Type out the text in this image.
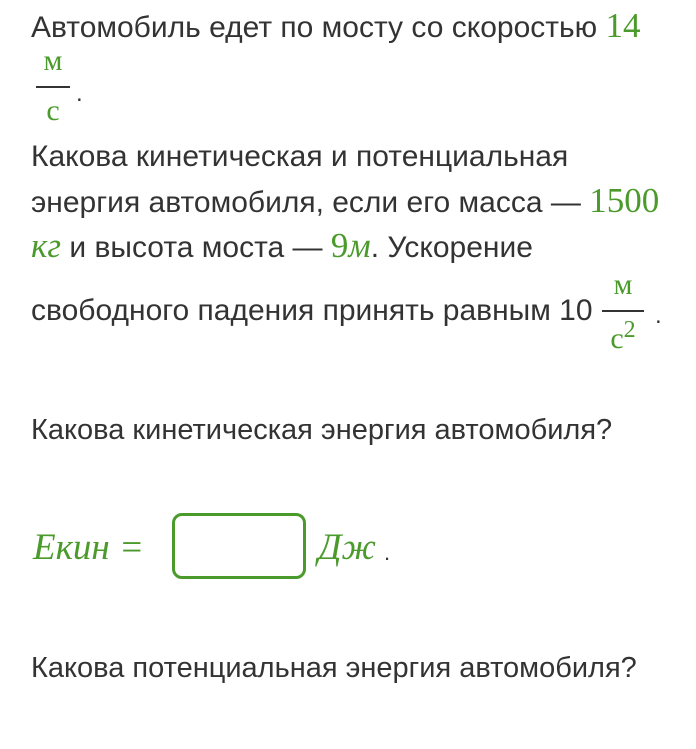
Автомобиль едет по мосту со скоростью 14
м
с
.
Какова кинетическая и потенциальная
энергия автомобиля, если его масса — 1500
кг и высота моста — 9м. Ускорение
свободного падения принять равным 10
м
$с^2$
.
Какова кинетическая энергия автомобиля?
Екин =	Дж .
Какова потенциальная энергия автомобиля?
